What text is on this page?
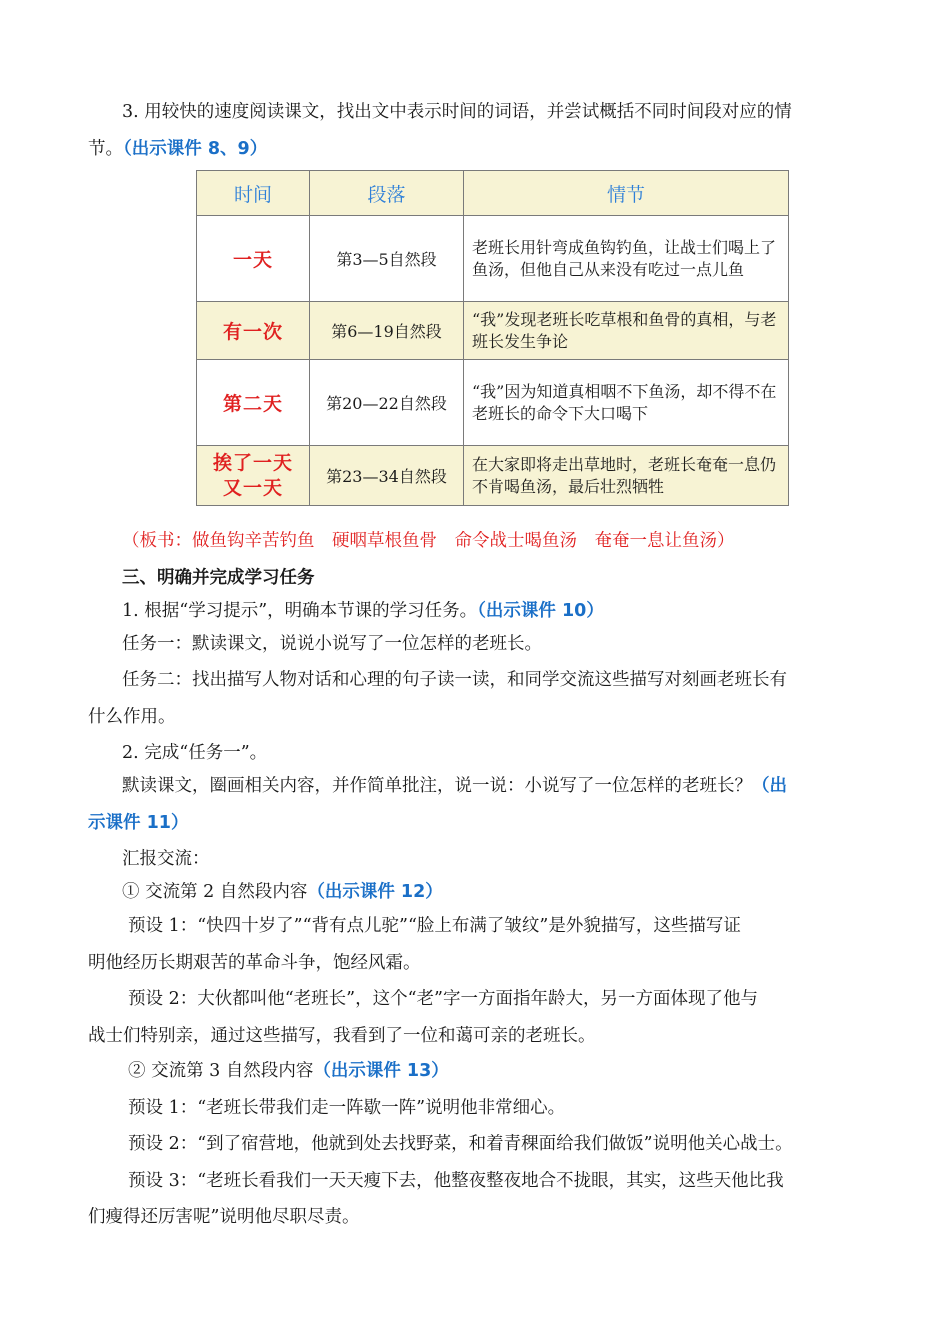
3. 用较快的速度阅读课文，找出文中表示时间的词语，并尝试概括不同时间段对应的情
节。（出示课件 8、9）
时间	段落	情节
一天	第3—5自然段	老班长用针弯成鱼钩钓鱼，让战士们喝上了鱼汤，但他自己从来没有吃过一点儿鱼
有一次	第6—19自然段	“我”发现老班长吃草根和鱼骨的真相，与老班长发生争论
第二天	第20—22自然段	“我”因为知道真相咽不下鱼汤，却不得不在老班长的命令下大口喝下

挨了一天
又一天	第23—34自然段	在大家即将走出草地时，老班长奄奄一息仍不肯喝鱼汤，最后壮烈牺牲
（板书：做鱼钩辛苦钓鱼　硬咽草根鱼骨　命令战士喝鱼汤　奄奄一息让鱼汤）
三、明确并完成学习任务
1. 根据“学习提示”，明确本节课的学习任务。（出示课件 10）
任务一：默读课文，说说小说写了一位怎样的老班长。
任务二：找出描写人物对话和心理的句子读一读，和同学交流这些描写对刻画老班长有
什么作用。
2. 完成“任务一”。
默读课文，圈画相关内容，并作简单批注，说一说：小说写了一位怎样的老班长？（出
示课件 11）
汇报交流：
① 交流第 2 自然段内容（出示课件 12）
预设 1：“快四十岁了”“背有点儿驼”“脸上布满了皱纹”是外貌描写，这些描写证
明他经历长期艰苦的革命斗争，饱经风霜。
预设 2：大伙都叫他“老班长”，这个“老”字一方面指年龄大，另一方面体现了他与
战士们特别亲，通过这些描写，我看到了一位和蔼可亲的老班长。
② 交流第 3 自然段内容（出示课件 13）
预设 1：“老班长带我们走一阵歇一阵”说明他非常细心。
预设 2：“到了宿营地，他就到处去找野菜，和着青稞面给我们做饭”说明他关心战士。
预设 3：“老班长看我们一天天瘦下去，他整夜整夜地合不拢眼，其实，这些天他比我
们瘦得还厉害呢”说明他尽职尽责。
